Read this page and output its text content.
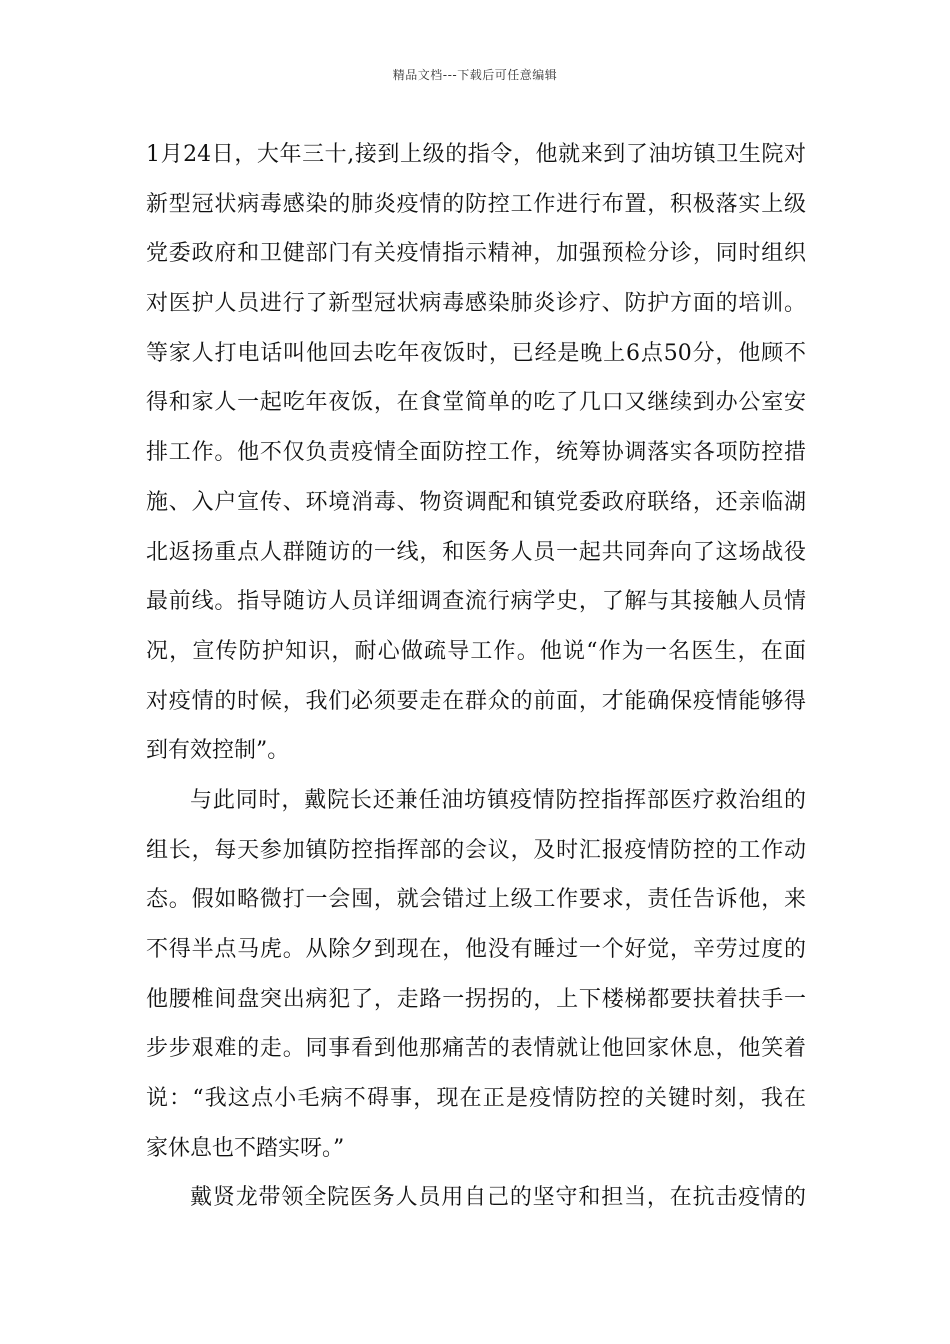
精品文档---下载后可任意编辑
1月24日，大年三十,接到上级的指令，他就来到了油坊镇卫生院对
新型冠状病毒感染的肺炎疫情的防控工作进行布置，积极落实上级
党委政府和卫健部门有关疫情指示精神，加强预检分诊，同时组织
对医护人员进行了新型冠状病毒感染肺炎诊疗、防护方面的培训。
等家人打电话叫他回去吃年夜饭时，已经是晚上6点50分，他顾不
得和家人一起吃年夜饭，在食堂简单的吃了几口又继续到办公室安
排工作。他不仅负责疫情全面防控工作，统筹协调落实各项防控措
施、入户宣传、环境消毒、物资调配和镇党委政府联络，还亲临湖
北返扬重点人群随访的一线，和医务人员一起共同奔向了这场战役
最前线。指导随访人员详细调查流行病学史，了解与其接触人员情
况，宣传防护知识，耐心做疏导工作。他说“作为一名医生，在面
对疫情的时候，我们必须要走在群众的前面，才能确保疫情能够得
到有效控制”。
与此同时，戴院长还兼任油坊镇疫情防控指挥部医疗救治组的
组长，每天参加镇防控指挥部的会议，及时汇报疫情防控的工作动
态。假如略微打一会囤，就会错过上级工作要求，责任告诉他，来
不得半点马虎。从除夕到现在，他没有睡过一个好觉，辛劳过度的
他腰椎间盘突出病犯了，走路一拐拐的，上下楼梯都要扶着扶手一
步步艰难的走。同事看到他那痛苦的表情就让他回家休息，他笑着
说：“我这点小毛病不碍事，现在正是疫情防控的关键时刻，我在
家休息也不踏实呀。”
戴贤龙带领全院医务人员用自己的坚守和担当，在抗击疫情的
